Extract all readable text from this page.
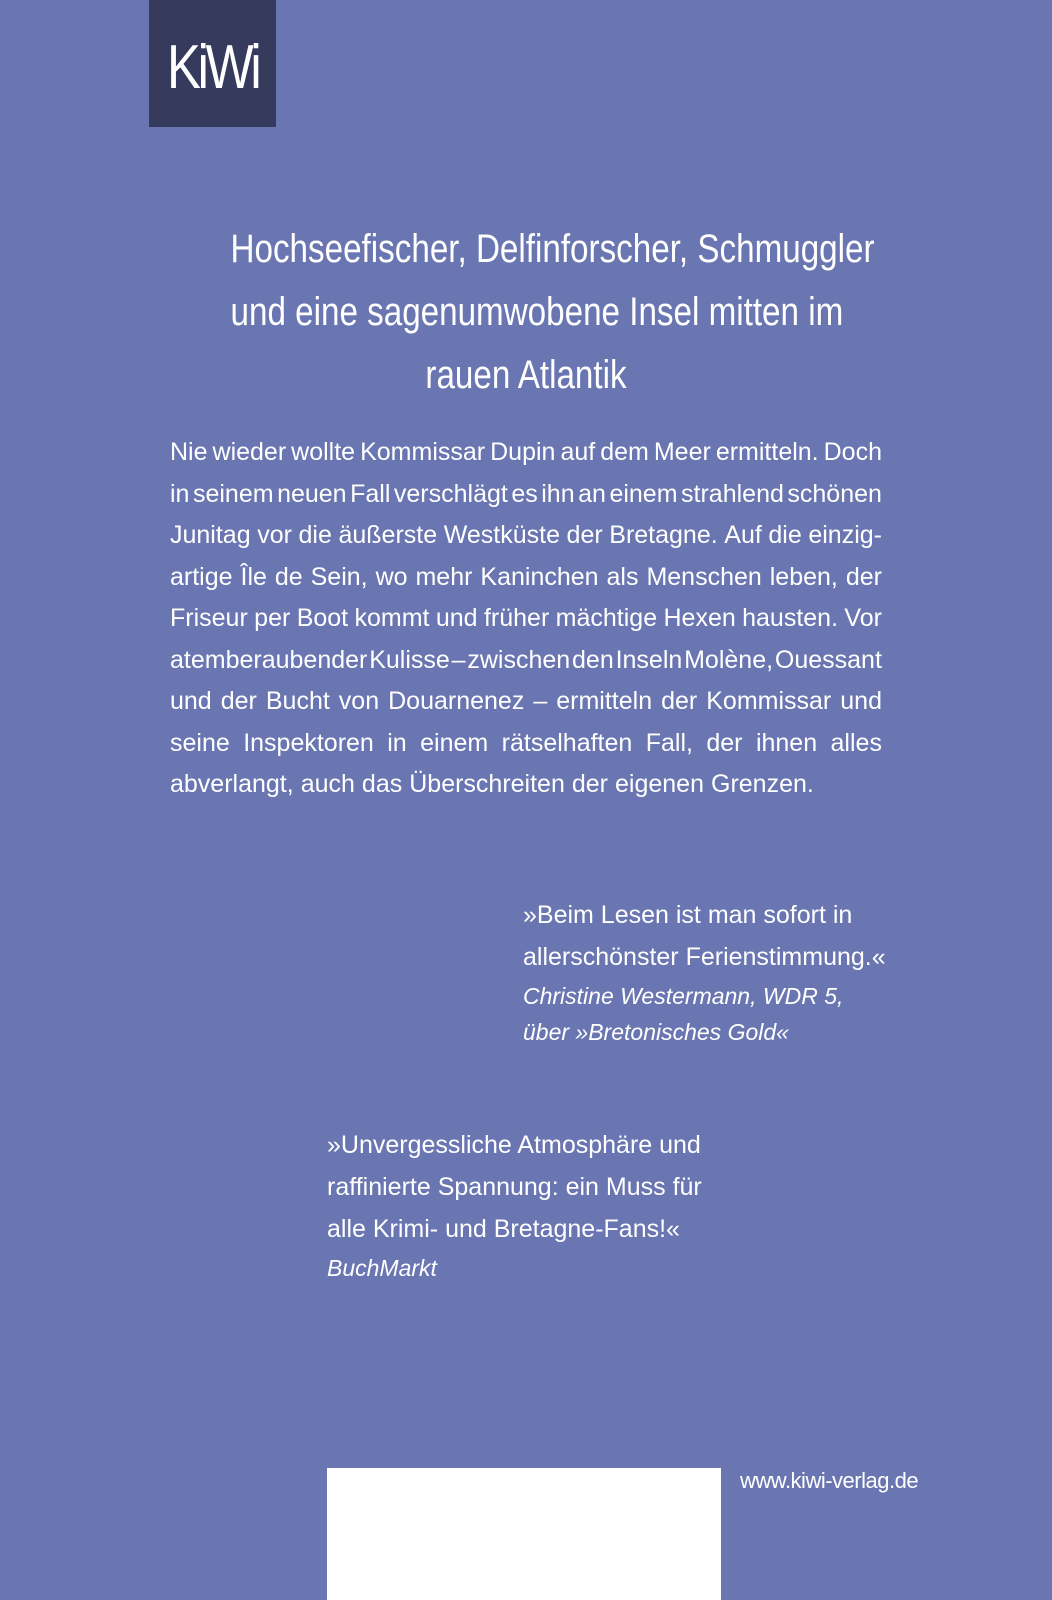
KiWi
Hochseefischer, Delfinforscher, Schmuggler
und eine sagenumwobene Insel mitten im
rauen Atlantik
Nie wieder wollte Kommissar Dupin auf dem Meer ermitteln. Doch
in seinem neuen Fall verschlägt es ihn an einem strahlend schönen
Junitag vor die äußerste Westküste der Bretagne. Auf die einzig-
artige Île de Sein, wo mehr Kaninchen als Menschen leben, der
Friseur per Boot kommt und früher mächtige Hexen hausten. Vor
atemberaubender Kulisse – zwischen den Inseln Molène, Ouessant
und der Bucht von Douarnenez – ermitteln der Kommissar und
seine Inspektoren in einem rätselhaften Fall, der ihnen alles
abverlangt, auch das Überschreiten der eigenen Grenzen.
»Beim Lesen ist man sofort in
allerschönster Ferienstimmung.«
Christine Westermann, WDR 5,
über »Bretonisches Gold«
»Unvergessliche Atmosphäre und
raffinierte Spannung: ein Muss für
alle Krimi- und Bretagne-Fans!«
BuchMarkt
www.kiwi-verlag.de
